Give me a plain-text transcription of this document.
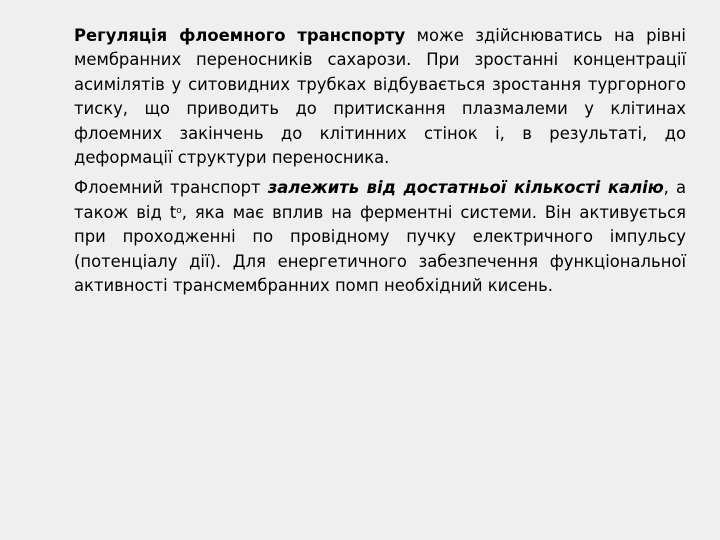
Регуляція флоемного транспорту може здійснюватись на рівні мембранних переносників сахарози. При зростанні концентрації асимілятів у ситовидних трубках відбувається зростання тургорного тиску, що приводить до притискання плазмалеми у клітинах флоемних закінчень до клітинних стінок і, в результаті, до деформації структури переносника.

Флоемний транспорт залежить від достатньої кількості калію, а також від $t^о$, яка має вплив на ферментні системи. Він активується при проходженні по провідному пучку електричного імпульсу (потенціалу дії). Для енергетичного забезпечення функціональної активності трансмембранних помп необхідний кисень.
